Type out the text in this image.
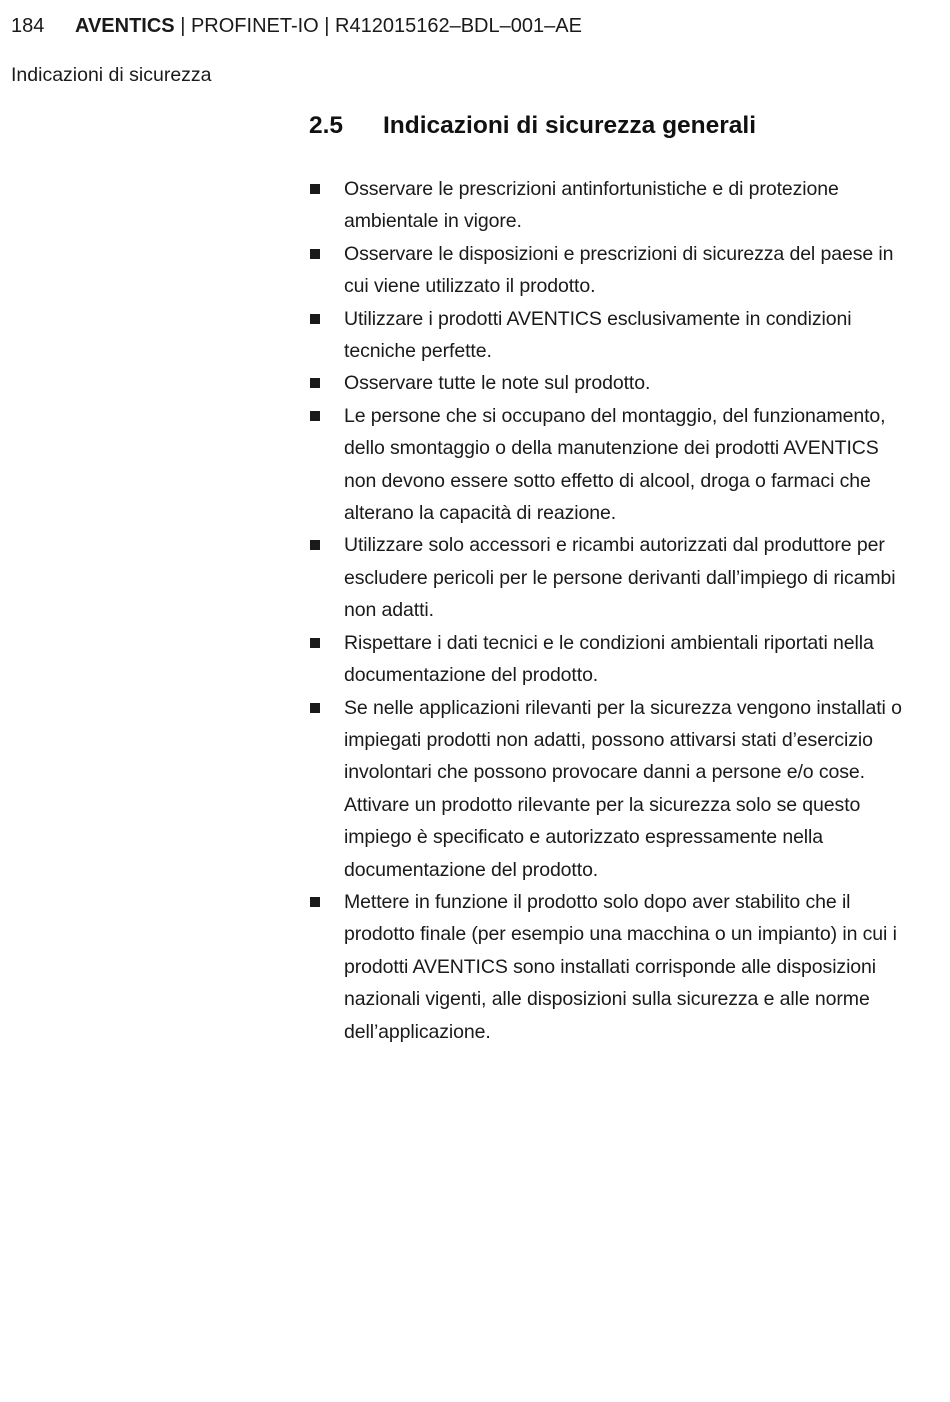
184 AVENTICS | PROFINET-IO | R412015162–BDL–001–AE
Indicazioni di sicurezza
2.5 Indicazioni di sicurezza generali
Osservare le prescrizioni antinfortunistiche e di protezione ambientale in vigore.
Osservare le disposizioni e prescrizioni di sicurezza del paese in cui viene utilizzato il prodotto.
Utilizzare i prodotti AVENTICS esclusivamente in condizioni tecniche perfette.
Osservare tutte le note sul prodotto.
Le persone che si occupano del montaggio, del funzionamento, dello smontaggio o della manutenzione dei prodotti AVENTICS non devono essere sotto effetto di alcool, droga o farmaci che alterano la capacità di reazione.
Utilizzare solo accessori e ricambi autorizzati dal produttore per escludere pericoli per le persone derivanti dall’impiego di ricambi non adatti.
Rispettare i dati tecnici e le condizioni ambientali riportati nella documentazione del prodotto.
Se nelle applicazioni rilevanti per la sicurezza vengono installati o impiegati prodotti non adatti, possono attivarsi stati d’esercizio involontari che possono provocare danni a persone e/o cose. Attivare un prodotto rilevante per la sicurezza solo se questo impiego è specificato e autorizzato espressamente nella documentazione del prodotto.
Mettere in funzione il prodotto solo dopo aver stabilito che il prodotto finale (per esempio una macchina o un impianto) in cui i prodotti AVENTICS sono installati corrisponde alle disposizioni nazionali vigenti, alle disposizioni sulla sicurezza e alle norme dell’applicazione.
